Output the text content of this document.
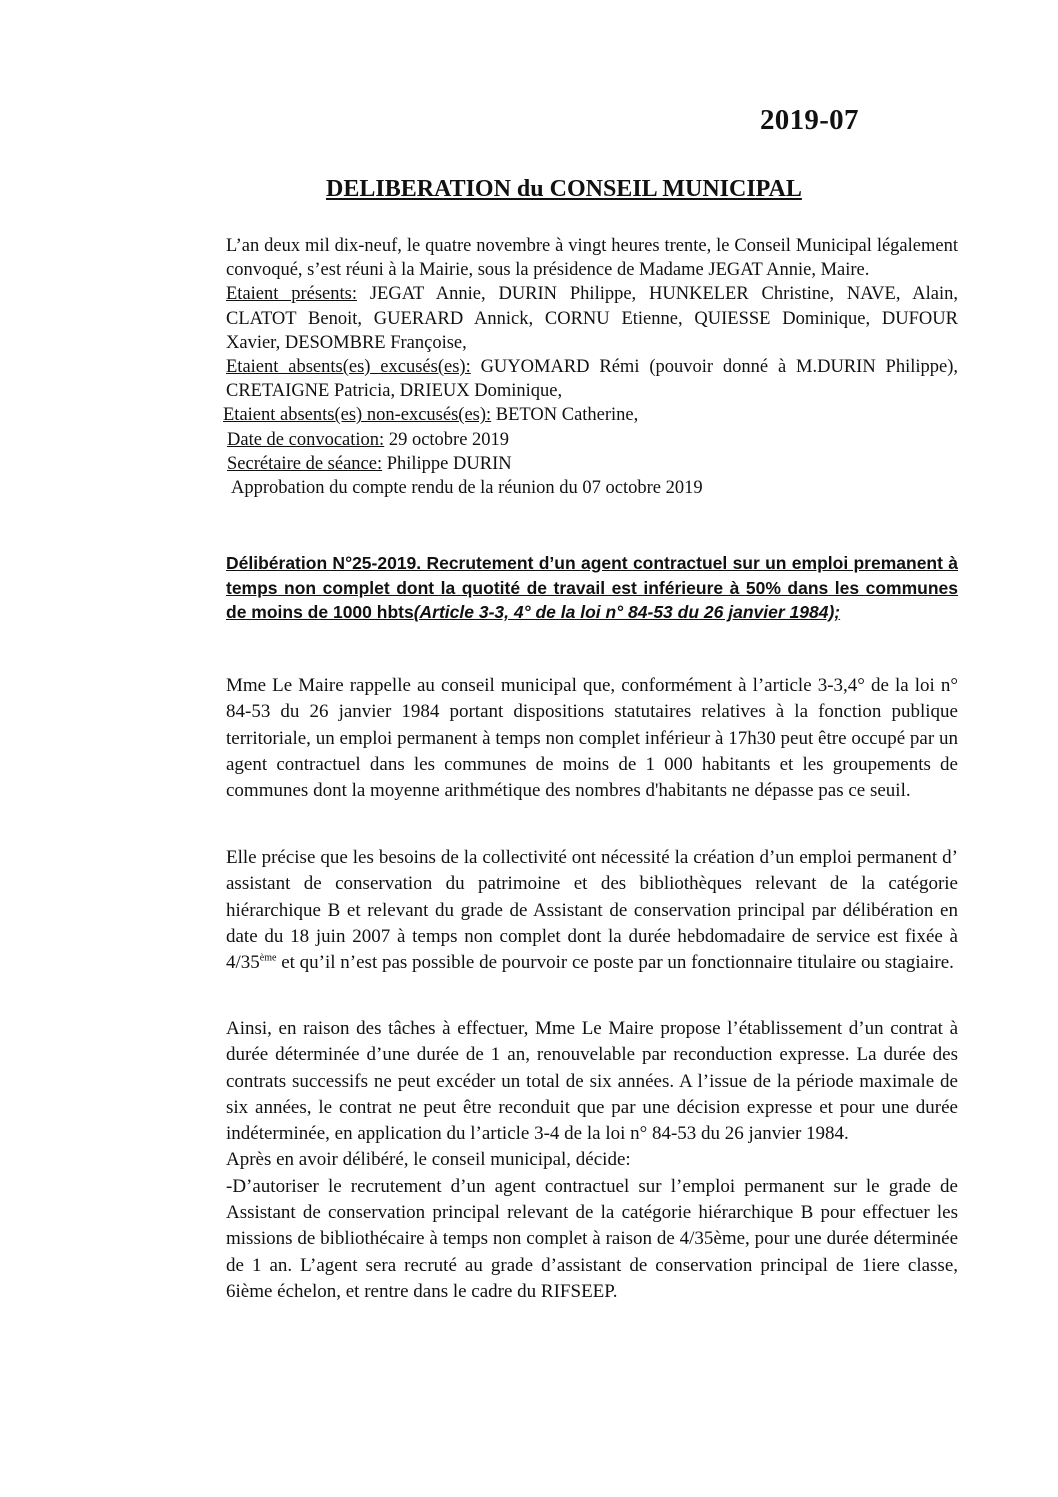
2019-07
DELIBERATION du CONSEIL MUNICIPAL
L’an deux mil dix-neuf, le quatre novembre à vingt heures trente, le Conseil Municipal légalement convoqué, s’est réuni à la Mairie, sous la présidence de Madame JEGAT Annie, Maire.
Etaient présents: JEGAT Annie, DURIN Philippe, HUNKELER Christine, NAVE, Alain, CLATOT Benoit, GUERARD Annick, CORNU Etienne, QUIESSE Dominique, DUFOUR Xavier, DESOMBRE Françoise,
Etaient absents(es) excusés(es): GUYOMARD Rémi (pouvoir donné à M.DURIN Philippe), CRETAIGNE Patricia, DRIEUX Dominique,
Etaient absents(es) non-excusés(es): BETON Catherine,
Date de convocation: 29 octobre 2019
Secrétaire de séance: Philippe DURIN
Approbation du compte rendu de la réunion du 07 octobre 2019
Délibération N°25-2019. Recrutement d’un agent contractuel sur un emploi premanent à temps non complet dont la quotité de travail est inférieure à 50% dans les communes de moins de 1000 hbts(Article 3-3, 4° de la loi n° 84-53 du 26 janvier 1984);
Mme Le Maire rappelle au conseil municipal que, conformément à l’article 3-3,4° de la loi n° 84-53 du 26 janvier 1984 portant dispositions statutaires relatives à la fonction publique territoriale, un emploi permanent à temps non complet inférieur à 17h30 peut être occupé par un agent contractuel dans les communes de moins de 1 000 habitants et les groupements de communes dont la moyenne arithmétique des nombres d'habitants ne dépasse pas ce seuil.
Elle précise que les besoins de la collectivité ont nécessité la création d’un emploi permanent d’ assistant de conservation du patrimoine et des bibliothèques relevant de la catégorie hiérarchique B et relevant du grade de Assistant de conservation principal par délibération en date du 18 juin 2007 à temps non complet dont la durée hebdomadaire de service est fixée à 4/35ème et qu’il n’est pas possible de pourvoir ce poste par un fonctionnaire titulaire ou stagiaire.
Ainsi, en raison des tâches à effectuer, Mme Le Maire propose l’établissement d’un contrat à durée déterminée d’une durée de 1 an, renouvelable par reconduction expresse. La durée des contrats successifs ne peut excéder un total de six années. A l’issue de la période maximale de six années, le contrat ne peut être reconduit que par une décision expresse et pour une durée indéterminée, en application du l’article 3-4 de la loi n° 84-53 du 26 janvier 1984.
Après en avoir délibéré, le conseil municipal, décide:
-D’autoriser le recrutement d’un agent contractuel sur l’emploi permanent sur le grade de Assistant de conservation principal relevant de la catégorie hiérarchique B pour effectuer les missions de bibliothécaire à temps non complet à raison de 4/35ème, pour une durée déterminée de 1 an. L’agent sera recruté au grade d’assistant de conservation principal de 1iere classe, 6ième échelon, et rentre dans le cadre du RIFSEEP.
